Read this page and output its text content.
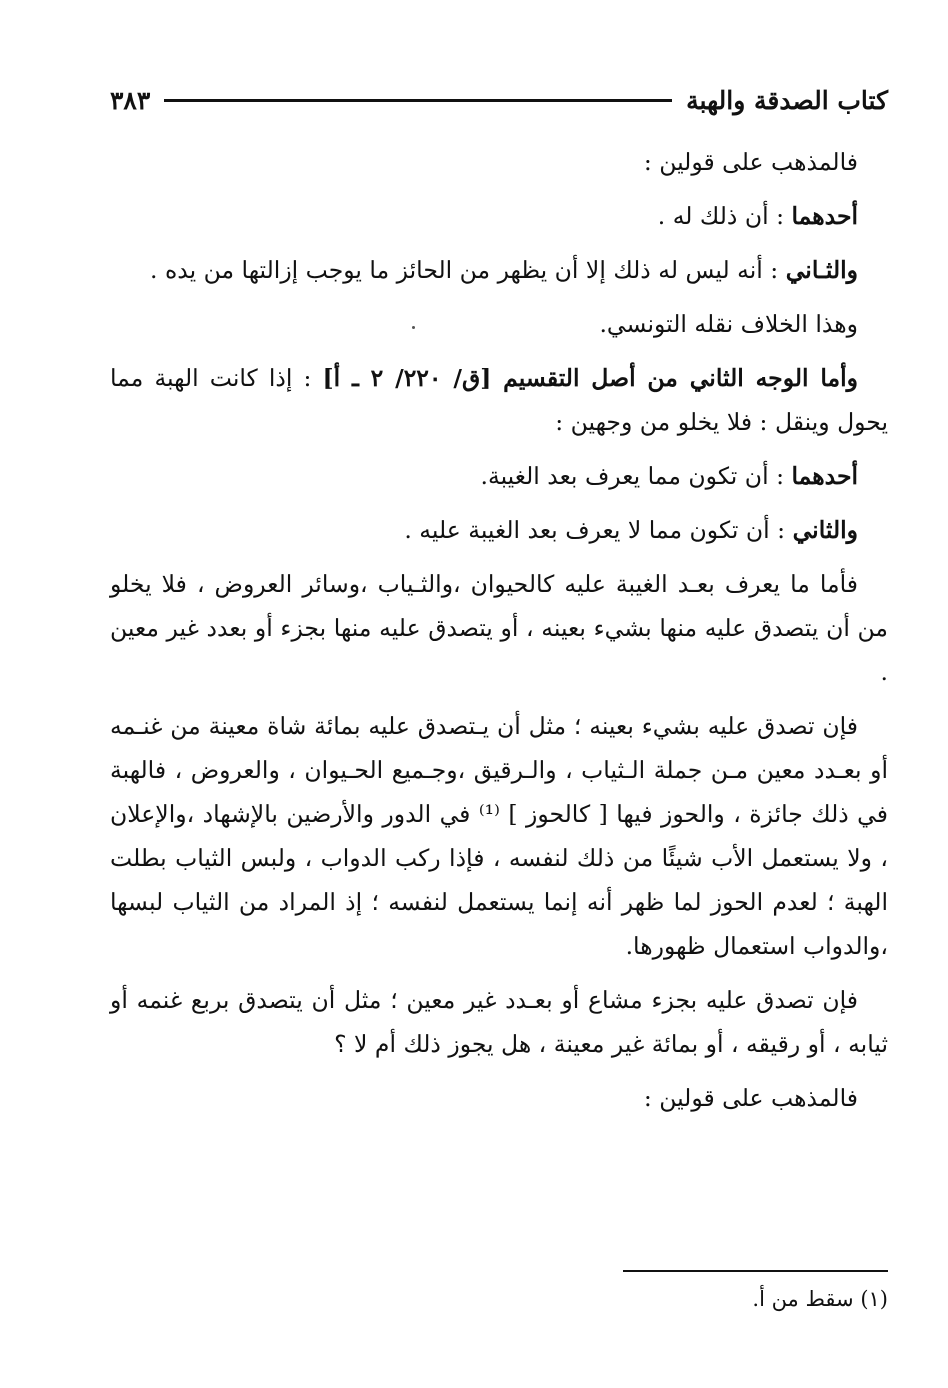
كتاب الصدقة والهبة
٣٨٣

فالمذهب على قولين :

أحدهما : أن ذلك له .

والثـاني : أنه ليس له ذلك إلا أن يظهر من الحائز ما يوجب إزالتها من يده .

وهذا الخلاف نقله التونسي.

وأما الوجه الثاني من أصل التقسيم [ق/ ٢٢٠/ ٢ ـ أ] : إذا كانت الهبة مما يحول وينقل : فلا يخلو من وجهين :

أحدهما : أن تكون مما يعرف بعد الغيبة.

والثاني : أن تكون مما لا يعرف بعد الغيبة عليه .

فأما ما يعرف بعـد الغيبة عليه كالحيوان ،والثـياب ،وسائر العروض ، فلا يخلو من أن يتصدق عليه منها بشيء بعينه ، أو يتصدق عليه منها بجزء أو بعدد غير معين .

فإن تصدق عليه بشيء بعينه ؛ مثل أن يـتصدق عليه بمائة شاة معينة من غنـمه أو بعـدد معين مـن جملة الـثياب ، والـرقيق ،وجـميع الحـيوان ، والعروض ، فالهبة في ذلك جائزة ، والحوز فيها [ كالحوز ] ⁽¹⁾ في الدور والأرضين بالإشهاد ،والإعلان ، ولا يستعمل الأب شيئًا من ذلك لنفسه ، فإذا ركب الدواب ، ولبس الثياب بطلت الهبة ؛ لعدم الحوز لما ظهر أنه إنما يستعمل لنفسه ؛ إذ المراد من الثياب لبسها ،والدواب استعمال ظهورها.

فإن تصدق عليه بجزء مشاع أو بعـدد غير معين ؛ مثل أن يتصدق بربع غنمه أو ثيابه ، أو رقيقه ، أو بمائة غير معينة ، هل يجوز ذلك أم لا ؟

فالمذهب على قولين :

(١) سقط من أ.
